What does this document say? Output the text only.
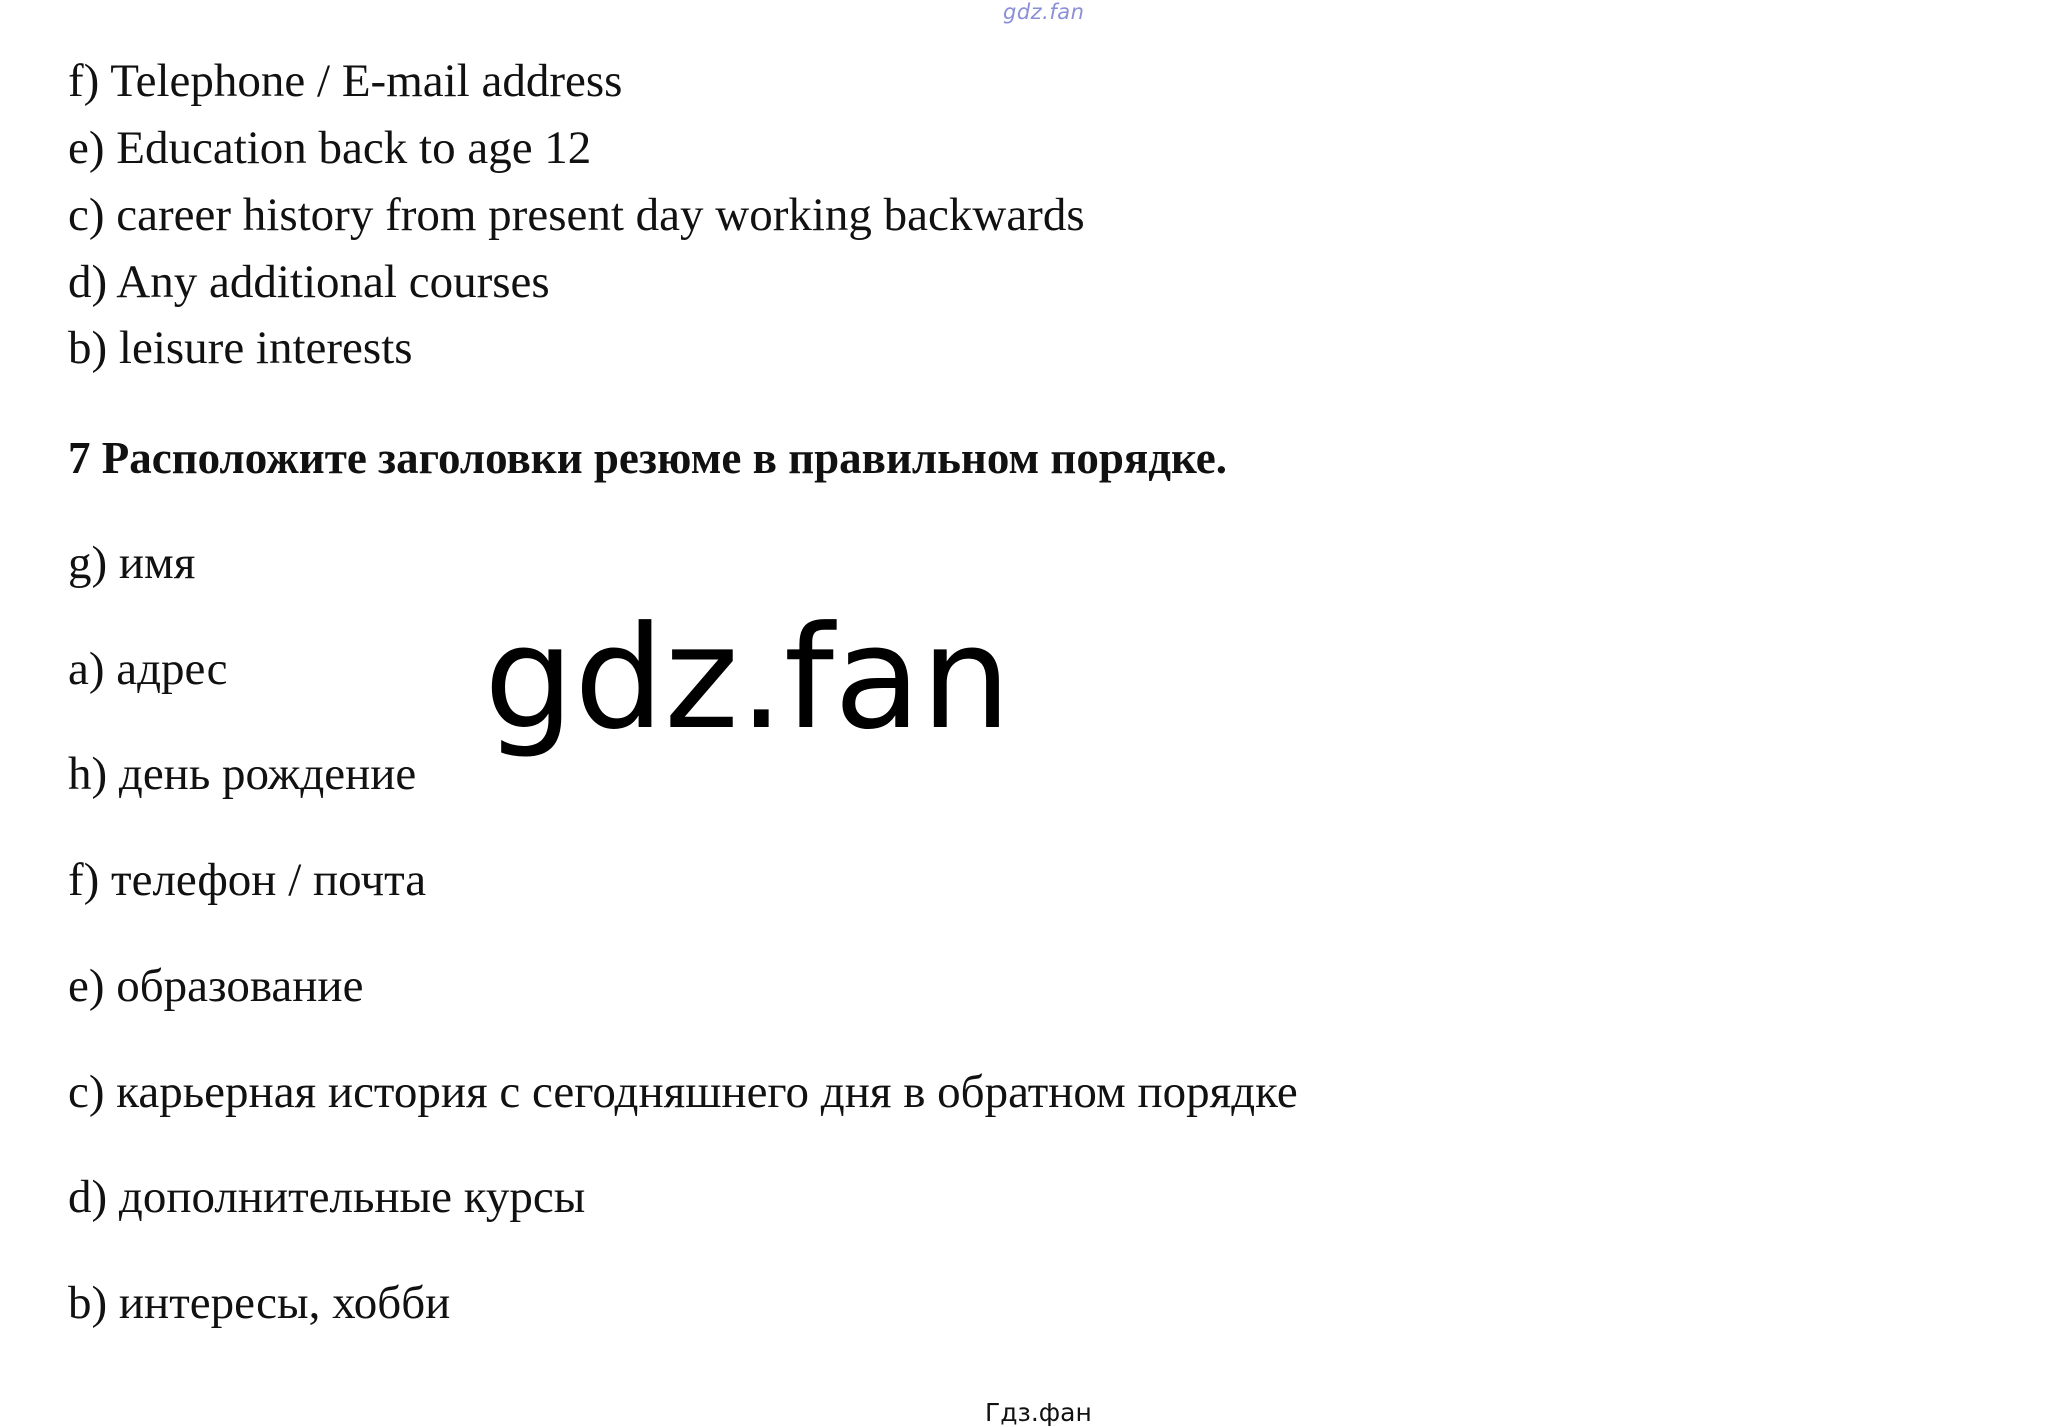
gdz.fan
f) Telephone / E-mail address
e) Education back to age 12
c) career history from present day working backwards
d) Any additional courses
b) leisure interests
7 Расположите заголовки резюме в правильном порядке.
g) имя
a) адрес
h) день рождение
f) телефон / почта
e) образование
c) карьерная история с сегодняшнего дня в обратном порядке
d) дополнительные курсы
b) интересы, хобби
gdz.fan
Гдз.фан
